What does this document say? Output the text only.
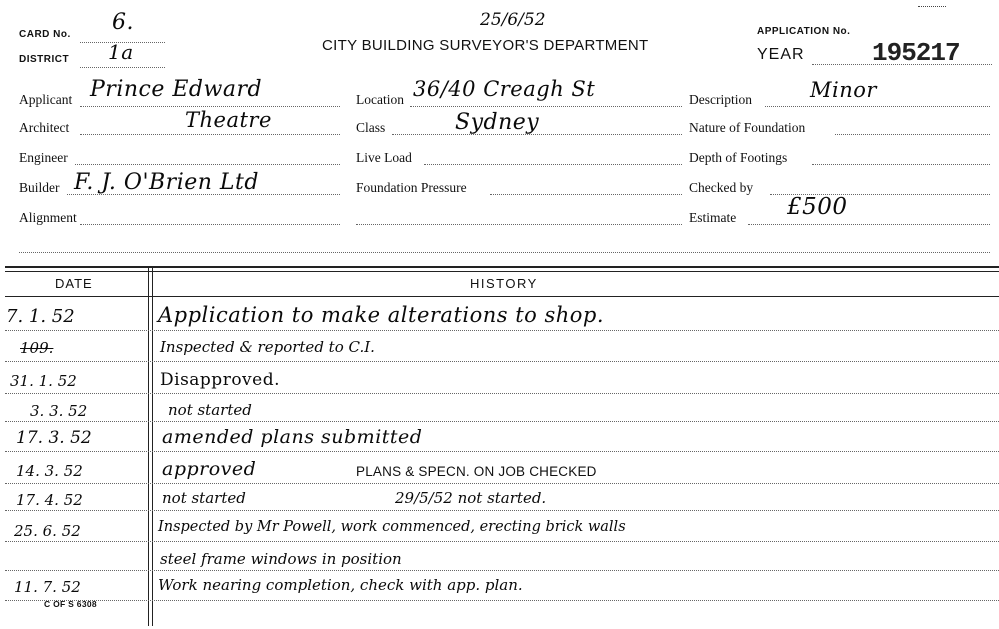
CARD No. 6.
DISTRICT 1a
25/6/52
CITY BUILDING SURVEYOR'S DEPARTMENT
APPLICATION No.
YEAR	195217
Applicant Prince Edward
Architect	Theatre
Engineer
Builder F. J. O'Brien Ltd
Alignment
Location 36/40 Creagh St
Class	Sydney
Live Load
Foundation Pressure
Description	Minor
Nature of Foundation
Depth of Footings
Checked by
Estimate £500
DATE	HISTORY
7. 1. 52	Application to make alterations to shop.
109.	Inspected & reported to C.I.
31. 1. 52	Disapproved.
3. 3. 52	not started
17. 3. 52	amended plans submitted
14. 3. 52	approved	PLANS & SPECN. ON JOB CHECKED
17. 4. 52	not started	29/5/52 not started.
25. 6. 52	Inspected by Mr Powell, work commenced, erecting brick walls
steel frame windows in position
11. 7. 52	Work nearing completion, check with app. plan.
C OF S 6308
